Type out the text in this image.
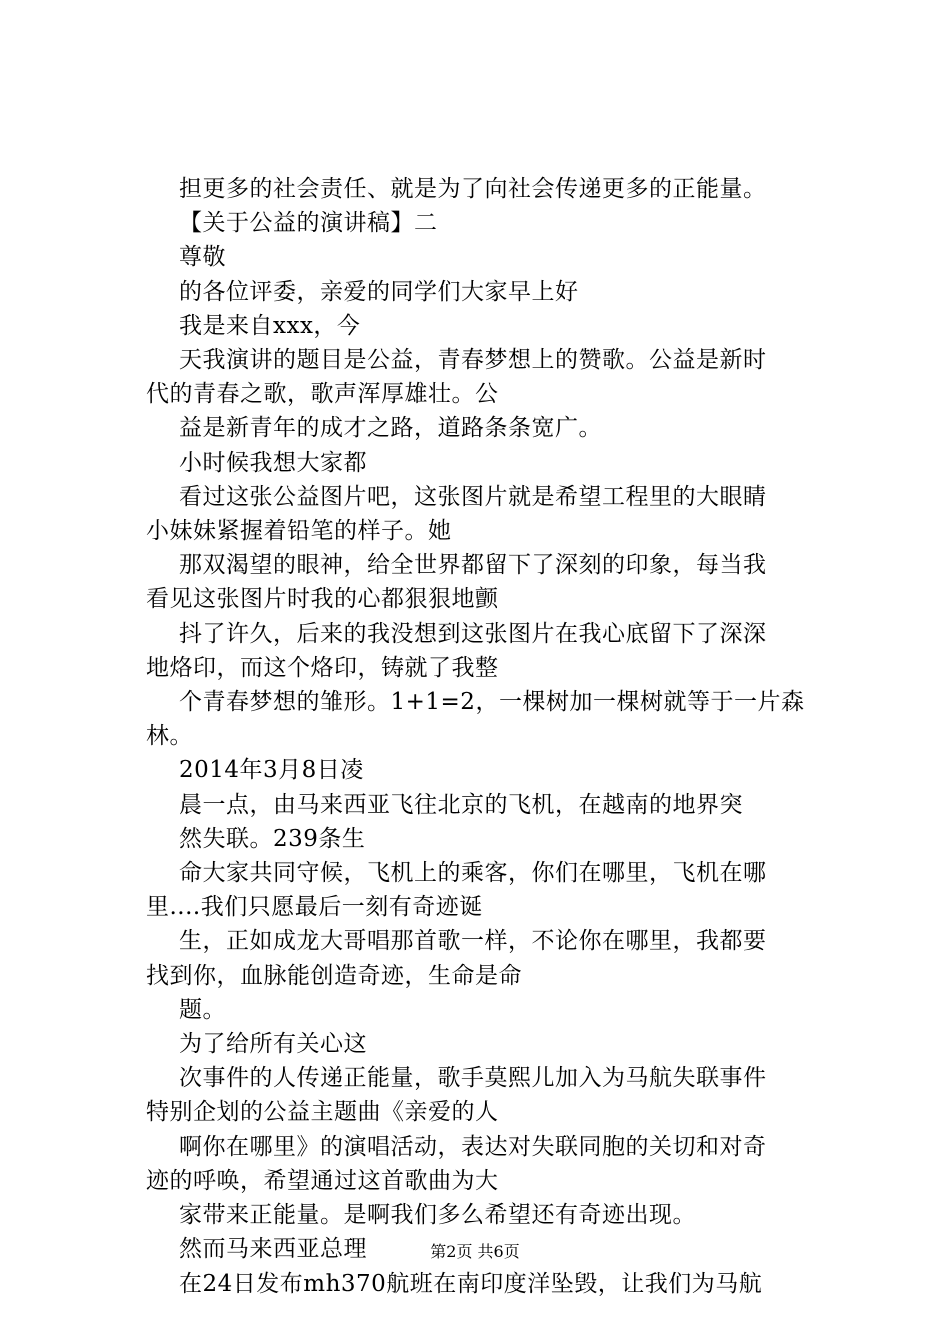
担更多的社会责任、就是为了向社会传递更多的正能量。
【关于公益的演讲稿】二
尊敬
的各位评委，亲爱的同学们大家早上好
我是来自xxx，今
天我演讲的题目是公益，青春梦想上的赞歌。公益是新时
代的青春之歌，歌声浑厚雄壮。公
益是新青年的成才之路，道路条条宽广。
小时候我想大家都
看过这张公益图片吧，这张图片就是希望工程里的大眼睛
小妹妹紧握着铅笔的样子。她
那双渴望的眼神，给全世界都留下了深刻的印象，每当我
看见这张图片时我的心都狠狠地颤
抖了许久，后来的我没想到这张图片在我心底留下了深深
地烙印，而这个烙印，铸就了我整
个青春梦想的雏形。1+1=2，一棵树加一棵树就等于一片森
林。
2014年3月8日凌
晨一点，由马来西亚飞往北京的飞机，在越南的地界突
然失联。239条生
命大家共同守候，飞机上的乘客，你们在哪里，飞机在哪
里....我们只愿最后一刻有奇迹诞
生，正如成龙大哥唱那首歌一样，不论你在哪里，我都要
找到你，血脉能创造奇迹，生命是命
题。
为了给所有关心这
次事件的人传递正能量，歌手莫熙儿加入为马航失联事件
特别企划的公益主题曲《亲爱的人
啊你在哪里》的演唱活动，表达对失联同胞的关切和对奇
迹的呼唤，希望通过这首歌曲为大
家带来正能量。是啊我们多么希望还有奇迹出现。
然而马来西亚总理
在24日发布mh370航班在南印度洋坠毁，让我们为马航
第2页 共6页
